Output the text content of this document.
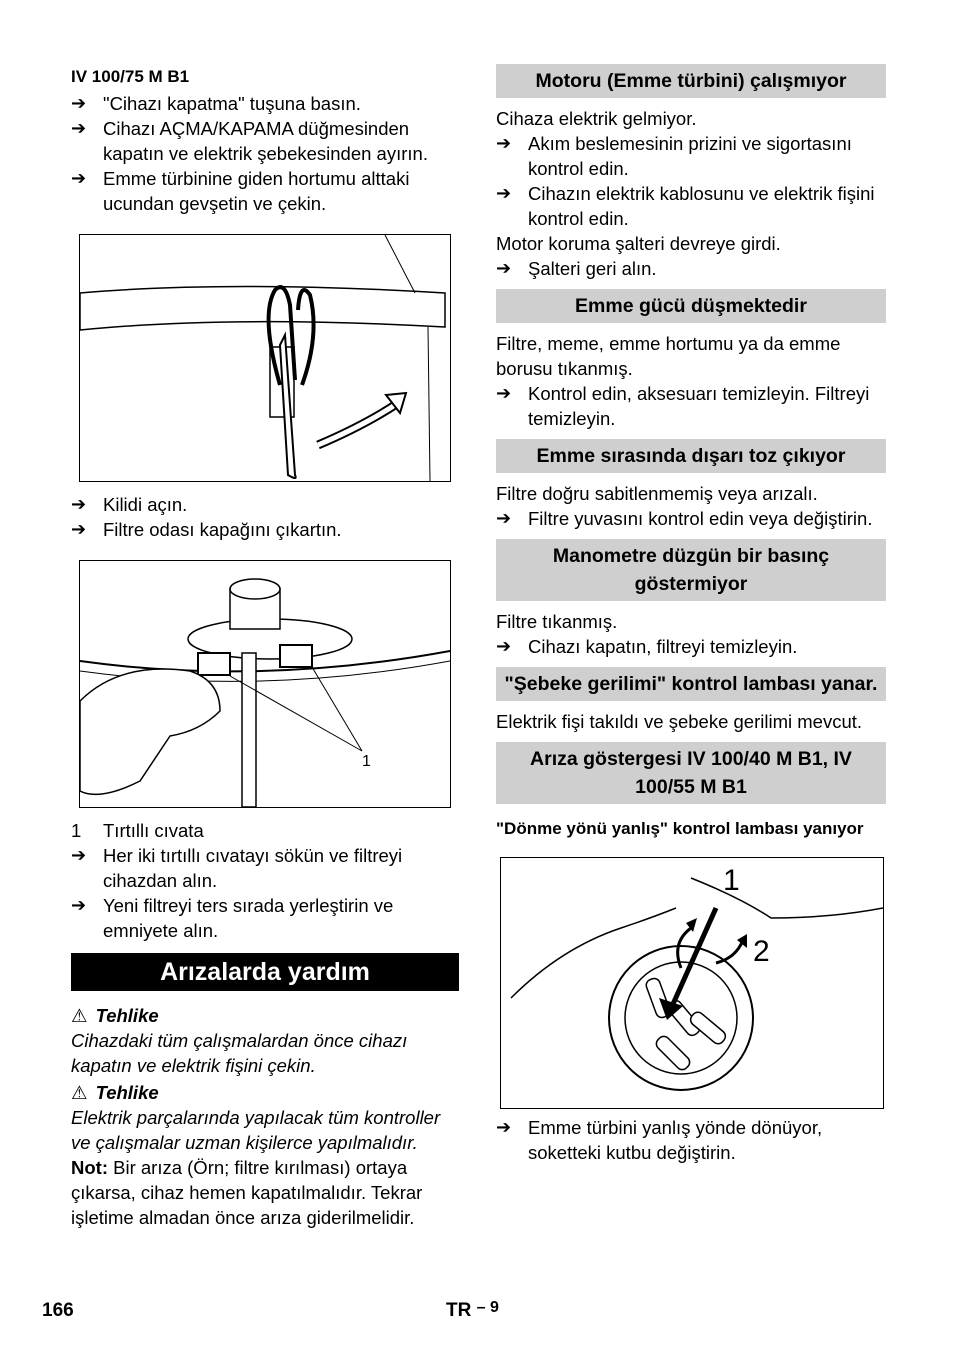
IV 100/75 M B1
➔ "Cihazı kapatma" tuşuna basın.
➔ Cihazı AÇMA/KAPAMA düğmesinden kapatın ve elektrik şebekesinden ayırın.
➔ Emme türbinine giden hortumu alttaki ucundan gevşetin ve çekin.
➔ Kilidi açın.
➔ Filtre odası kapağını çıkartın.
1
1	Tırtıllı cıvata
➔ Her iki tırtıllı cıvatayı sökün ve filtreyi cihazdan alın.
➔ Yeni filtreyi ters sırada yerleştirin ve emniyete alın.
Arızalarda yardım
⚠ Tehlike

Cihazdaki tüm çalışmalardan önce cihazı kapatın ve elektrik fişini çekin.

⚠ Tehlike

Elektrik parçalarında yapılacak tüm kontroller ve çalışmalar uzman kişilerce yapılmalıdır.

Not: Bir arıza (Örn; filtre kırılması) ortaya çıkarsa, cihaz hemen kapatılmalıdır. Tekrar işletime almadan önce arıza giderilmelidir.

Motoru (Emme türbini) çalışmıyor

Cihaza elektrik gelmiyor.

➔ Akım beslemesinin prizini ve sigortasını kontrol edin.
➔ Cihazın elektrik kablosunu ve elektrik fişini kontrol edin.

Motor koruma şalteri devreye girdi.

➔ Şalteri geri alın.
Emme gücü düşmektedir

Filtre, meme, emme hortumu ya da emme borusu tıkanmış.

➔ Kontrol edin, aksesuarı temizleyin. Filtreyi temizleyin.
Emme sırasında dışarı toz çıkıyor

Filtre doğru sabitlenmemiş veya arızalı.

➔ Filtre yuvasını kontrol edin veya değiştirin.
Manometre düzgün bir basınç göstermiyor

Filtre tıkanmış.

➔ Cihazı kapatın, filtreyi temizleyin.
"Şebeke gerilimi" kontrol lambası yanar.

Elektrik fişi takıldı ve şebeke gerilimi mevcut.

Arıza göstergesi IV 100/40 M B1, IV 100/55 M B1
"Dönme yönü yanlış" kontrol lambası yanıyor
1
2
➔ Emme türbini yanlış yönde dönüyor, soketteki kutbu değiştirin.
166	TR $^{- 9}$
